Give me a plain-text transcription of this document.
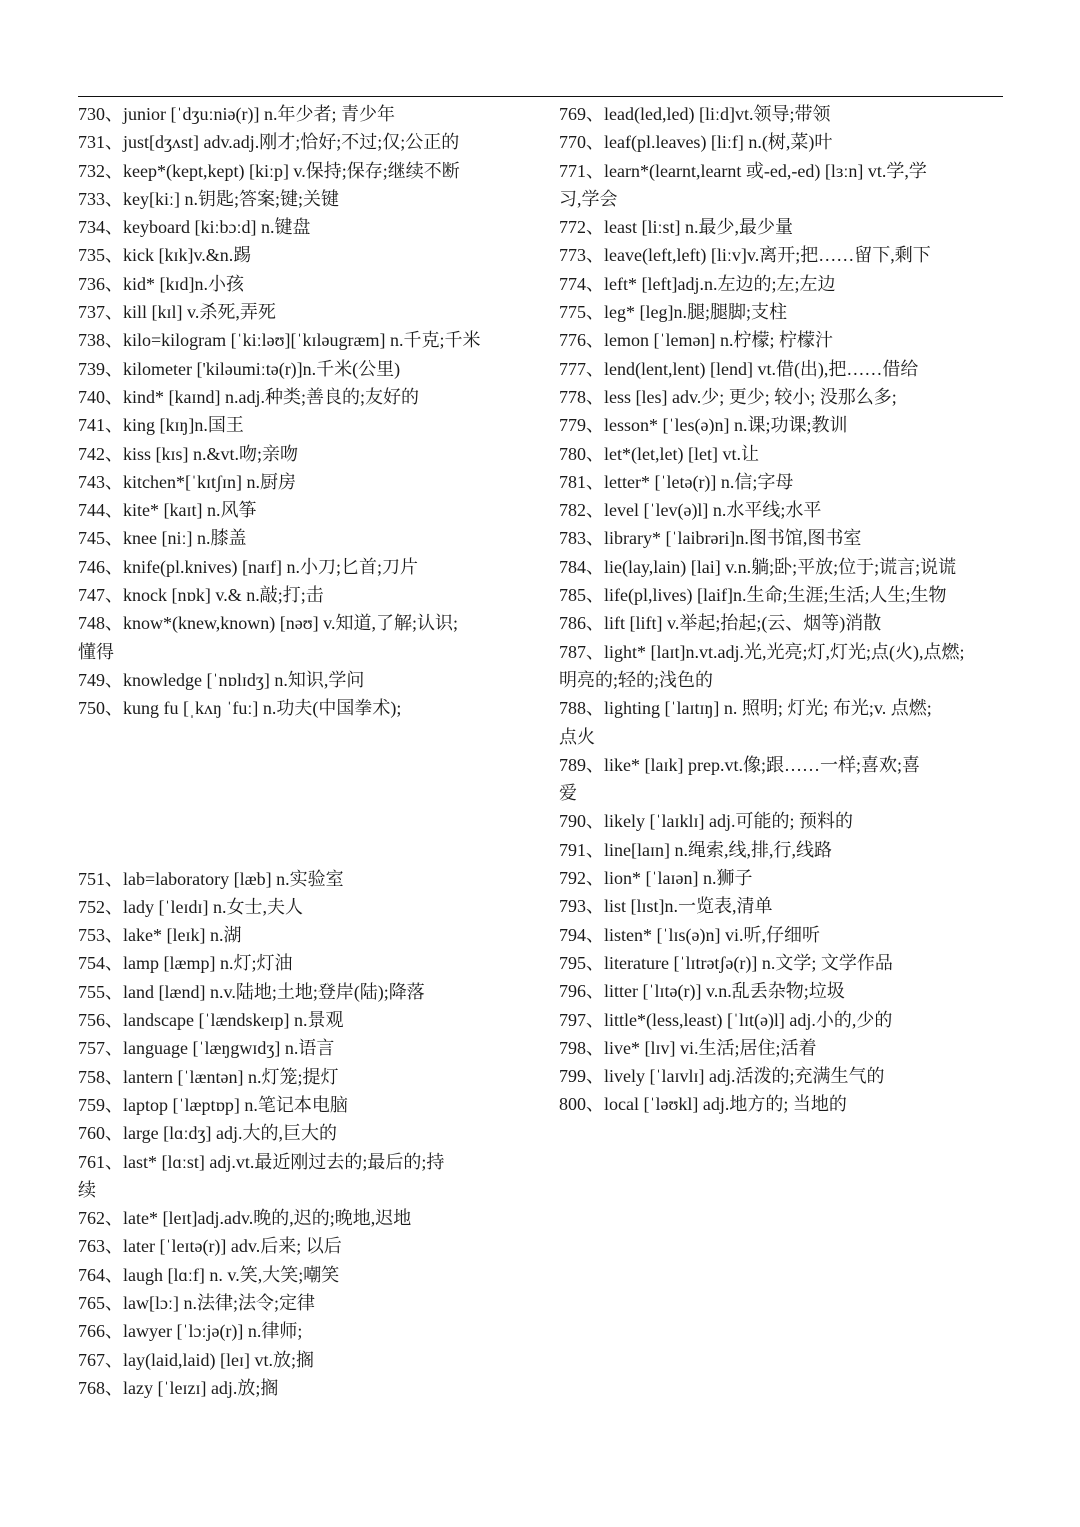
730、junior [ˈdʒuːniə(r)] n.年少者; 青少年

731、just[dʒʌst] adv.adj.刚才;恰好;不过;仅;公正的

732、keep*(kept,kept) [kiːp] v.保持;保存;继续不断

733、key[kiː] n.钥匙;答案;键;关键

734、keyboard [kiːbɔːd] n.键盘

735、kick [kɪk]v.&n.踢

736、kid* [kɪd]n.小孩

737、kill [kɪl] v.杀死,弄死

738、kilo=kilogram [ˈkiːləʊ][ˈkɪləugræm] n.千克;千米

739、kilometer ['kiləumiːtə(r)]n.千米(公里)

740、kind* [kaɪnd] n.adj.种类;善良的;友好的

741、king [kɪŋ]n.国王

742、kiss [kɪs] n.&vt.吻;亲吻

743、kitchen*[ˈkɪtʃɪn] n.厨房

744、kite* [kaɪt] n.风筝

745、knee [niː] n.膝盖

746、knife(pl.knives) [naɪf] n.小刀;匕首;刀片

747、knock [nɒk] v.& n.敲;打;击

748、know*(knew,known) [nəʊ] v.知道,了解;认识;
懂得

749、knowledge [ˈnɒlɪdʒ] n.知识,学问

750、kung fu [ˌkʌŋ ˈfuː] n.功夫(中国拳术);

751、lab=laboratory [læb] n.实验室

752、lady [ˈleɪdɪ] n.女士,夫人

753、lake* [leɪk] n.湖

754、lamp [læmp] n.灯;灯油

755、land [lænd] n.v.陆地;土地;登岸(陆);降落

756、landscape [ˈlændskeɪp] n.景观

757、language [ˈlæŋgwɪdʒ] n.语言

758、lantern [ˈlæntən] n.灯笼;提灯

759、laptop [ˈlæptɒp] n.笔记本电脑

760、large [lɑːdʒ] adj.大的,巨大的

761、last* [lɑːst] adj.vt.最近刚过去的;最后的;持
续

762、late* [leɪt]adj.adv.晚的,迟的;晚地,迟地

763、later [ˈleɪtə(r)] adv.后来; 以后

764、laugh [lɑːf] n. v.笑,大笑;嘲笑

765、law[lɔː] n.法律;法令;定律

766、lawyer [ˈlɔːjə(r)] n.律师;

767、lay(laid,laid) [leɪ] vt.放;搁

768、lazy [ˈleɪzɪ] adj.放;搁

769、lead(led,led) [liːd]vt.领导;带领

770、leaf(pl.leaves) [liːf] n.(树,菜)叶

771、learn*(learnt,learnt 或-ed,-ed) [lɜːn] vt.学,学
习,学会

772、least [liːst] n.最少,最少量

773、leave(left,left) [liːv]v.离开;把……留下,剩下

774、left* [left]adj.n.左边的;左;左边

775、leg* [leg]n.腿;腿脚;支柱

776、lemon [ˈlemən] n.柠檬; 柠檬汁

777、lend(lent,lent) [lend] vt.借(出),把……借给

778、less [les] adv.少; 更少; 较小; 没那么多;

779、lesson* [ˈles(ə)n] n.课;功课;教训

780、let*(let,let) [let] vt.让

781、letter* [ˈletə(r)] n.信;字母

782、level [ˈlev(ə)l] n.水平线;水平

783、library* [ˈlaibrəri]n.图书馆,图书室

784、lie(lay,lain) [lai] v.n.躺;卧;平放;位于;谎言;说谎

785、life(pl,lives) [laif]n.生命;生涯;生活;人生;生物

786、lift [lift] v.举起;抬起;(云、烟等)消散

787、light* [laɪt]n.vt.adj.光,光亮;灯,灯光;点(火),点燃;
明亮的;轻的;浅色的

788、lighting [ˈlaɪtɪŋ] n. 照明; 灯光; 布光;v. 点燃;
点火

789、like* [laɪk] prep.vt.像;跟……一样;喜欢;喜
爱

790、likely [ˈlaɪklɪ] adj.可能的; 预料的

791、line[laɪn] n.绳索,线,排,行,线路

792、lion* [ˈlaɪən] n.狮子

793、list [lɪst]n.一览表,清单

794、listen* [ˈlɪs(ə)n] vi.听,仔细听

795、literature [ˈlɪtrətʃə(r)] n.文学; 文学作品

796、litter [ˈlɪtə(r)] v.n.乱丢杂物;垃圾

797、little*(less,least) [ˈlɪt(ə)l] adj.小的,少的

798、live* [lɪv] vi.生活;居住;活着

799、lively [ˈlaɪvlɪ] adj.活泼的;充满生气的

800、local [ˈləʊkl] adj.地方的; 当地的
